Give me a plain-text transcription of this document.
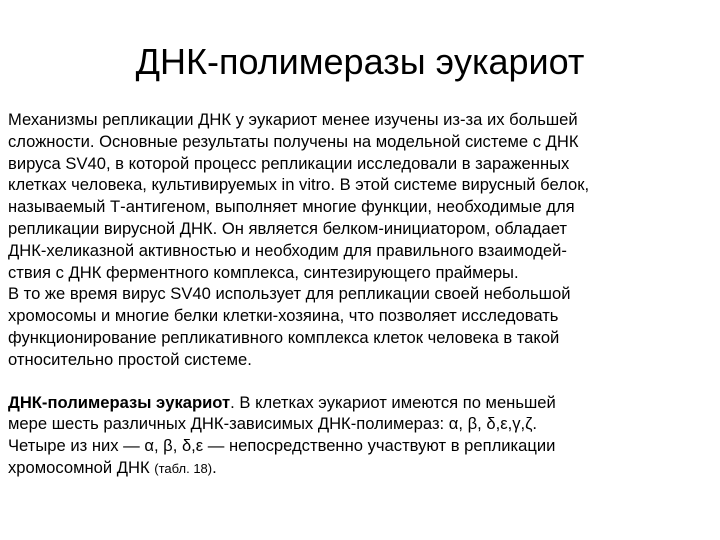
ДНК-полимеразы эукариот
Механизмы репликации ДНК у эукариот менее изучены из-за их большей
сложности. Основные результаты получены на модельной системе с ДНК
вируса SV40, в которой процесс репликации исследовали в зараженных
клетках человека, культивируемых in vitro. В этой системе вирусный белок,
называемый Т-антигеном, выполняет многие функции, необходимые для
репликации вирусной ДНК. Он является белком-инициатором, обладает
ДНК-хеликазной активностью и необходим для правильного взаимодей-
ствия с ДНК ферментного комплекса, синтезирующего праймеры.
В то же время вирус SV40 использует для репликации своей небольшой
хромосомы и многие белки клетки-хозяина, что позволяет исследовать
функционирование репликативного комплекса клеток человека в такой
относительно простой системе.
ДНК-полимеразы эукариот. В клетках эукариот имеются по меньшей
мере шесть различных ДНК-зависимых ДНК-полимераз: α, β, δ,ε,γ,ζ.
Четыре из них — α, β, δ,ε — непосредственно участвуют в репликации
хромосомной ДНК (табл. 18).
